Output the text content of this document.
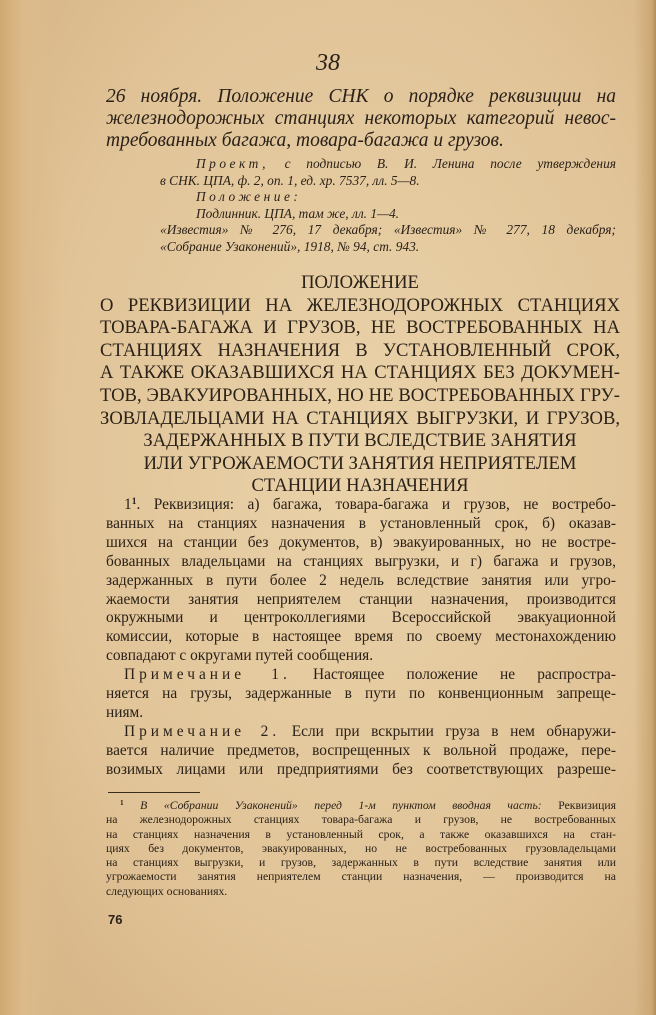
38

26 ноября. Положение СНК о порядке реквизиции на

железнодорожных станциях некоторых категорий невос-

требованных багажа, товара-багажа и грузов.

Проект, с подписью В. И. Ленина после утверждения

в СНК. ЦПА, ф. 2, оп. 1, ед. хр. 7537, лл. 5—8.

Положение:

Подлинник. ЦПА, там же, лл. 1—4.

«Известия» № 276, 17 декабря; «Известия» № 277, 18 декабря;

«Собрание Узаконений», 1918, № 94, ст. 943.

ПОЛОЖЕНИЕ

О РЕКВИЗИЦИИ НА ЖЕЛЕЗНОДОРОЖНЫХ СТАНЦИЯХ

ТОВАРА-БАГАЖА И ГРУЗОВ, НЕ ВОСТРЕБОВАННЫХ НА

СТАНЦИЯХ НАЗНАЧЕНИЯ В УСТАНОВЛЕННЫЙ СРОК,

А ТАКЖЕ ОКАЗАВШИХСЯ НА СТАНЦИЯХ БЕЗ ДОКУМЕН-

ТОВ, ЭВАКУИРОВАННЫХ, НО НЕ ВОСТРЕБОВАННЫХ ГРУ-

ЗОВЛАДЕЛЬЦАМИ НА СТАНЦИЯХ ВЫГРУЗКИ, И ГРУЗОВ,

ЗАДЕРЖАННЫХ В ПУТИ ВСЛЕДСТВИЕ ЗАНЯТИЯ

ИЛИ УГРОЖАЕМОСТИ ЗАНЯТИЯ НЕПРИЯТЕЛЕМ

СТАНЦИИ НАЗНАЧЕНИЯ

$1^1$. Реквизиция: а) багажа, товара-багажа и грузов, не востребо-

ванных на станциях назначения в установленный срок, б) оказав-

шихся на станции без документов, в) эвакуированных, но не востре-

бованных владельцами на станциях выгрузки, и г) багажа и грузов,

задержанных в пути более 2 недель вследствие занятия или угро-

жаемости занятия неприятелем станции назначения, производится

окружными и центроколлегиями Всероссийской эвакуационной

комиссии, которые в настоящее время по своему местонахождению

совпадают с округами путей сообщения.

Примечание 1. Настоящее положение не распростра-

няется на грузы, задержанные в пути по конвенционным запреще-

ниям.

Примечание 2. Если при вскрытии груза в нем обнаружи-

вается наличие предметов, воспрещенных к вольной продаже, пере-

возимых лицами или предприятиями без соответствующих разреше-

$^1$ В «Собрании Узаконений» перед 1-м пунктом вводная часть: Реквизиция

на железнодорожных станциях товара-багажа и грузов, не востребованных

на станциях назначения в установленный срок, а также оказавшихся на стан-

циях без документов, эвакуированных, но не востребованных грузовладельцами

на станциях выгрузки, и грузов, задержанных в пути вследствие занятия или

угрожаемости занятия неприятелем станции назначения, — производится на

следующих основаниях.

76
